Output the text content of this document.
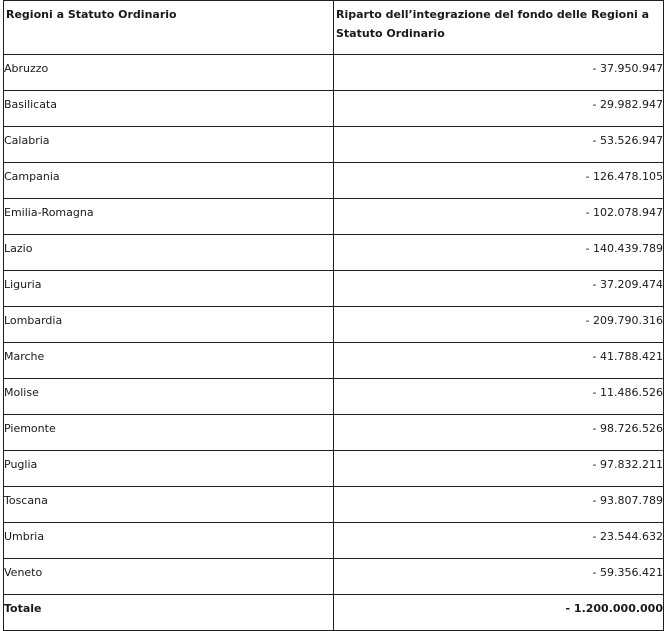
Regioni a Statuto Ordinario	Riparto dell’integrazione del fondo delle Regioni a Statuto Ordinario
Abruzzo	- 37.950.947
Basilicata	- 29.982.947
Calabria	- 53.526.947
Campania	- 126.478.105
Emilia-Romagna	- 102.078.947
Lazio	- 140.439.789
Liguria	- 37.209.474
Lombardia	- 209.790.316
Marche	- 41.788.421
Molise	- 11.486.526
Piemonte	- 98.726.526
Puglia	- 97.832.211
Toscana	- 93.807.789
Umbria	- 23.544.632
Veneto	- 59.356.421
Totale	- 1.200.000.000
